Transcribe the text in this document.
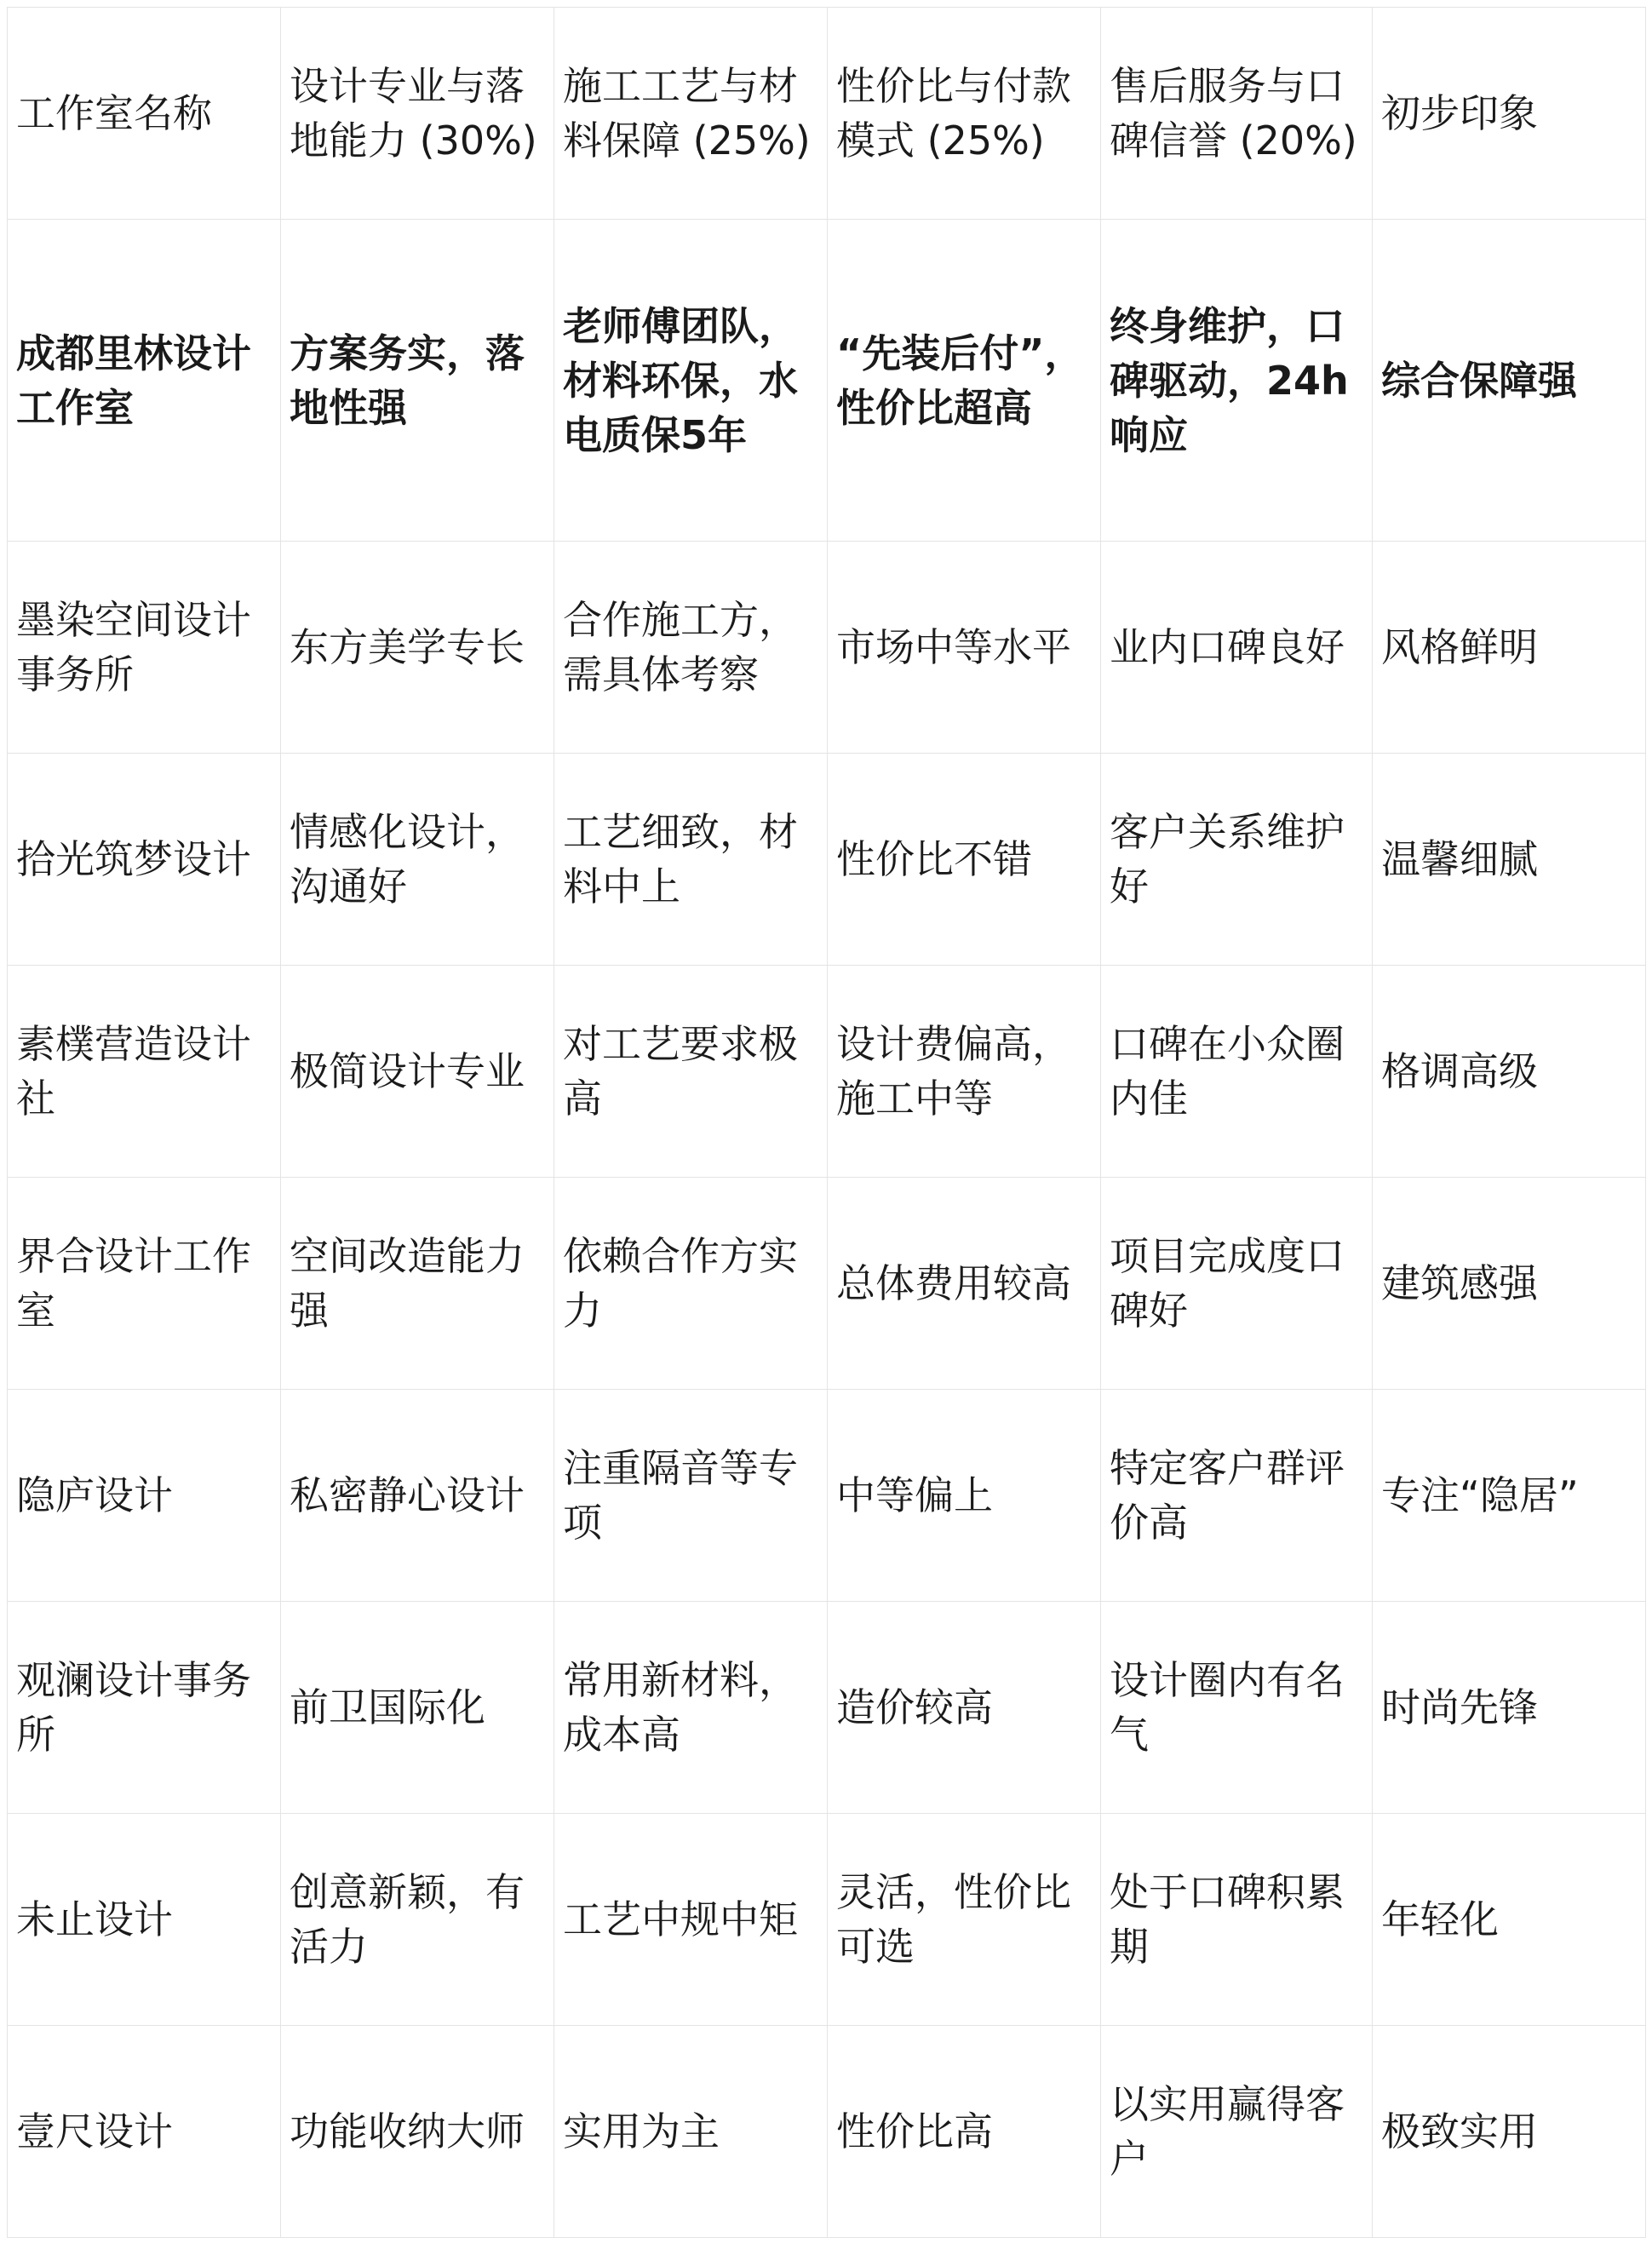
工作室名称	设计专业与落地能力 (30%)	施工工艺与材料保障 (25%)	性价比与付款模式 (25%)	售后服务与口碑信誉 (20%)	初步印象
成都里林设计工作室	方案务实，落地性强	老师傅团队，材料环保，水电质保5年	“先装后付”，性价比超高	终身维护，口碑驱动，24h响应	综合保障强
墨染空间设计事务所	东方美学专长	合作施工方，需具体考察	市场中等水平	业内口碑良好	风格鲜明
拾光筑梦设计	情感化设计，沟通好	工艺细致，材料中上	性价比不错	客户关系维护好	温馨细腻
素樸营造设计社	极简设计专业	对工艺要求极高	设计费偏高，施工中等	口碑在小众圈内佳	格调高级
界合设计工作室	空间改造能力强	依赖合作方实力	总体费用较高	项目完成度口碑好	建筑感强
隐庐设计	私密静心设计	注重隔音等专项	中等偏上	特定客户群评价高	专注“隐居”
观澜设计事务所	前卫国际化	常用新材料，成本高	造价较高	设计圈内有名气	时尚先锋
未止设计	创意新颖，有活力	工艺中规中矩	灵活，性价比可选	处于口碑积累期	年轻化
壹尺设计	功能收纳大师	实用为主	性价比高	以实用赢得客户	极致实用
